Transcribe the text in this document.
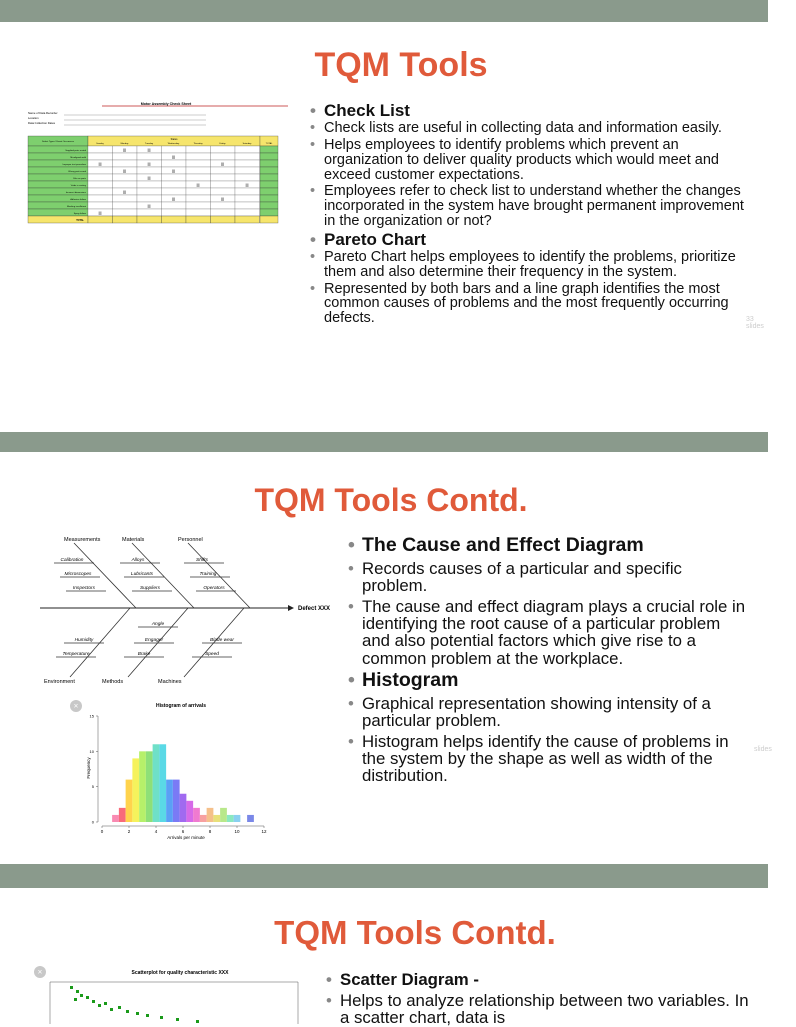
TQM Tools
Motor Assembly Check Sheet
Name of Data Recorder
Location
Data Collection Dates
Defect Types / Event Occurrence
Status
TOTAL
Sunday	Monday	Tuesday	Wednesday	Thursday	Friday	Saturday
Supplied parts rusted	|||	|||
Misaligned weld	|||
Improper test procedure	|||	|||	|||
Wrong part issued	|||	|||
Film on parts	|||
Voids in casting	|||	|||
Incorrect dimensions	|||
Adhesive failure	|||	|||
Masking insufficient	|||
Spray failure	|||
TOTAL
• Check List
• Check lists are useful in collecting data and information easily.
• Helps employees to identify problems which prevent an organization to deliver quality products which would meet and exceed customer expectations.
• Employees refer to check list to understand whether the changes incorporated in the system have brought permanent improvement in the organization or not?
• Pareto Chart
• Pareto Chart helps employees to identify the problems, prioritize them and also determine their frequency in the system.
• Represented by both bars and a line graph identifies the most common causes of problems and the most frequently occurring defects.	33 slides
TQM Tools Contd.
Defect XXX
Measurements	Materials	Personnel
Environment	Methods	Machines
Calibration	Alloys	Shifts
Microscopes	Lubricants	Training
Inspectors	Suppliers	Operators
Humidity	Engager	Blade wear
Temperature	Brake	Speed
Angle
×	Histogram of arrivals
Frequency
Arrivals per minute
0	2	4	6	8	10	12
0
5
10
15
• The Cause and Effect Diagram
• Records causes of a particular and specific problem.
• The cause and effect diagram plays a crucial role in identifying the root cause of a particular problem and also potential factors which give rise to a common problem at the workplace.
• Histogram
• Graphical representation showing intensity of a particular problem.
• Histogram helps identify the cause of problems in the system by the shape as well as width of the distribution.
slides
TQM Tools Contd.
×	Scatterplot for quality characteristic XXX
•	Scatter Diagram -
• Helps to analyze relationship between two variables. In a scatter chart, data is
